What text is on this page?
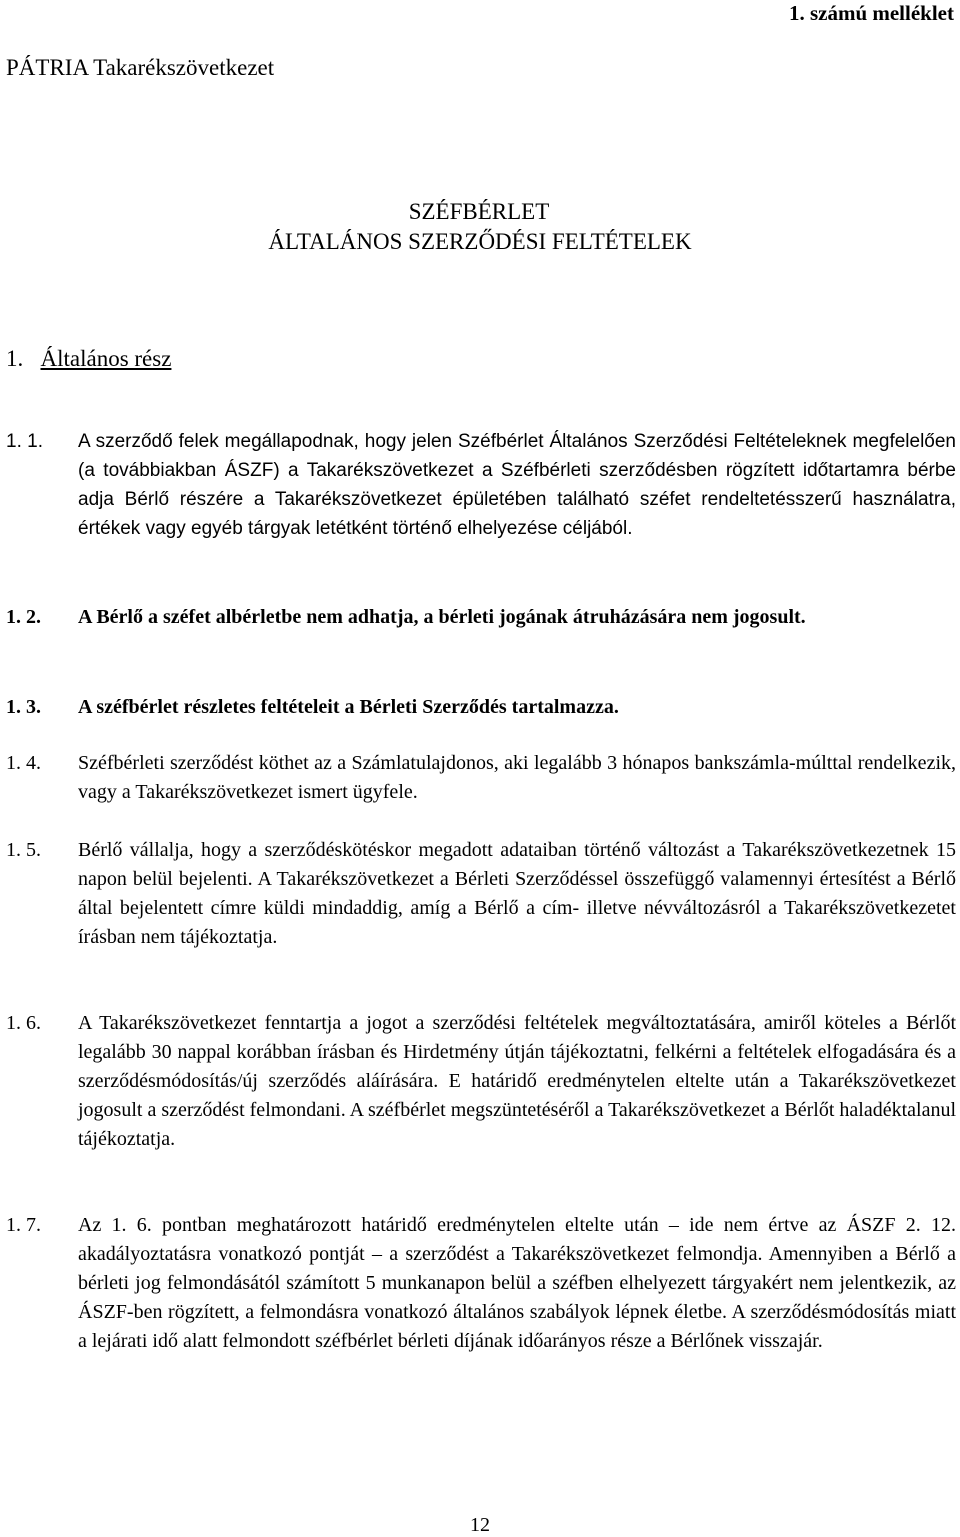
1. számú melléklet
PÁTRIA Takarékszövetkezet
SZÉFBÉRLET
ÁLTALÁNOS SZERZŐDÉSI FELTÉTELEK
1. Általános rész
1. 1.	A szerződő felek megállapodnak, hogy jelen Széfbérlet Általános Szerződési Feltételeknek megfelelően (a továbbiakban ÁSZF) a Takarékszövetkezet a Széfbérleti szerződésben rögzített időtartamra bérbe adja Bérlő részére a Takarékszövetkezet épületében található széfet rendeltetésszerű használatra, értékek vagy egyéb tárgyak letétként történő elhelyezése céljából.
1. 2.	A Bérlő a széfet albérletbe nem adhatja, a bérleti jogának átruházására nem jogosult.
1. 3.	A széfbérlet részletes feltételeit a Bérleti Szerződés tartalmazza.
1. 4.	Széfbérleti szerződést köthet az a Számlatulajdonos, aki legalább 3 hónapos bankszámla-múlttal rendelkezik, vagy a Takarékszövetkezet ismert ügyfele.
1. 5.	Bérlő vállalja, hogy a szerződéskötéskor megadott adataiban történő változást a Takarékszövetkezetnek 15 napon belül bejelenti. A Takarékszövetkezet a Bérleti Szerződéssel összefüggő valamennyi értesítést a Bérlő által bejelentett címre küldi mindaddig, amíg a Bérlő a cím- illetve névváltozásról a Takarékszövetkezetet írásban nem tájékoztatja.
1. 6.	A Takarékszövetkezet fenntartja a jogot a szerződési feltételek megváltoztatására, amiről köteles a Bérlőt legalább 30 nappal korábban írásban és Hirdetmény útján tájékoztatni, felkérni a feltételek elfogadására és a szerződésmódosítás/új szerződés aláírására. E határidő eredménytelen eltelte után a Takarékszövetkezet jogosult a szerződést felmondani. A széfbérlet megszüntetéséről a Takarékszövetkezet a Bérlőt haladéktalanul tájékoztatja.
1. 7.	Az 1. 6. pontban meghatározott határidő eredménytelen eltelte után – ide nem értve az ÁSZF 2. 12. akadályoztatásra vonatkozó pontját – a szerződést a Takarékszövetkezet felmondja. Amennyiben a Bérlő a bérleti jog felmondásától számított 5 munkanapon belül a széfben elhelyezett tárgyakért nem jelentkezik, az ÁSZF-ben rögzített, a felmondásra vonatkozó általános szabályok lépnek életbe. A szerződésmódosítás miatt a lejárati idő alatt felmondott széfbérlet bérleti díjának időarányos része a Bérlőnek visszajár.
12
